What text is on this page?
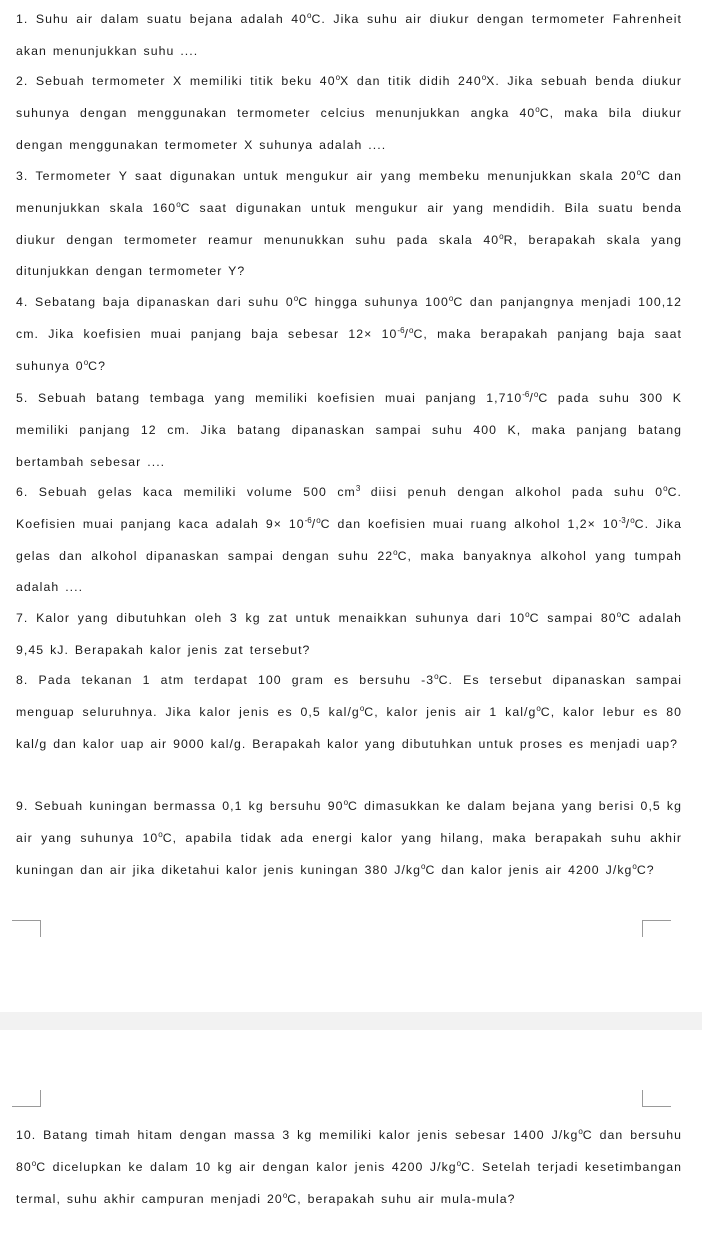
1. Suhu air dalam suatu bejana adalah 40$^o$C. Jika suhu air diukur dengan termometer Fahrenheit akan menunjukkan suhu ....
2. Sebuah termometer X memiliki titik beku 40$^o$X dan titik didih 240$^o$X. Jika sebuah benda diukur suhunya dengan menggunakan termometer celcius menunjukkan angka 40$^o$C, maka bila diukur dengan menggunakan termometer X suhunya adalah ....
3. Termometer Y saat digunakan untuk mengukur air yang membeku menunjukkan skala 20$^o$C dan menunjukkan skala 160$^o$C saat digunakan untuk mengukur air yang mendidih. Bila suatu benda diukur dengan termometer reamur menunukkan suhu pada skala 40$^o$R, berapakah skala yang ditunjukkan dengan termometer Y?
4. Sebatang baja dipanaskan dari suhu 0$^o$C hingga suhunya 100$^o$C dan panjangnya menjadi 100,12 cm. Jika koefisien muai panjang baja sebesar $12\times 10^{-6}/^oC$, maka berapakah panjang baja saat suhunya 0$^o$C?
5. Sebuah batang tembaga yang memiliki koefisien muai panjang $1,710^{-6}/^oC$ pada suhu 300 K memiliki panjang 12 cm. Jika batang dipanaskan sampai suhu 400 K, maka panjang batang bertambah sebesar ....
6. Sebuah gelas kaca memiliki volume 500 $cm^3$ diisi penuh dengan alkohol pada suhu 0$^o$C. Koefisien muai panjang kaca adalah $9\times 10^{-6}/^oC$ dan koefisien muai ruang alkohol $1,2\times 10^{-3}/^oC$. Jika gelas dan alkohol dipanaskan sampai dengan suhu 22$^o$C, maka banyaknya alkohol yang tumpah adalah ....
7. Kalor yang dibutuhkan oleh 3 kg zat untuk menaikkan suhunya dari 10$^o$C sampai 80$^o$C adalah 9,45 kJ. Berapakah kalor jenis zat tersebut?
8. Pada tekanan 1 atm terdapat 100 gram es bersuhu -3$^o$C. Es tersebut dipanaskan sampai menguap seluruhnya. Jika kalor jenis es 0,5 kal/$g^oC$, kalor jenis air 1 kal/$g^oC$, kalor lebur es 80 kal/g dan kalor uap air 9000 kal/g. Berapakah kalor yang dibutuhkan untuk proses es menjadi uap?
9. Sebuah kuningan bermassa 0,1 kg bersuhu 90$^o$C dimasukkan ke dalam bejana yang berisi 0,5 kg air yang suhunya 10$^o$C, apabila tidak ada energi kalor yang hilang, maka berapakah suhu akhir kuningan dan air jika diketahui kalor jenis kuningan 380 $J/kg^oC$ dan kalor jenis air 4200 $J/kg^oC$?
10. Batang timah hitam dengan massa 3 kg memiliki kalor jenis sebesar 1400 $J/kg^oC$ dan bersuhu 80$^o$C dicelupkan ke dalam 10 kg air dengan kalor jenis 4200 $J/kg^oC$. Setelah terjadi kesetimbangan termal, suhu akhir campuran menjadi 20$^o$C, berapakah suhu air mula-mula?
